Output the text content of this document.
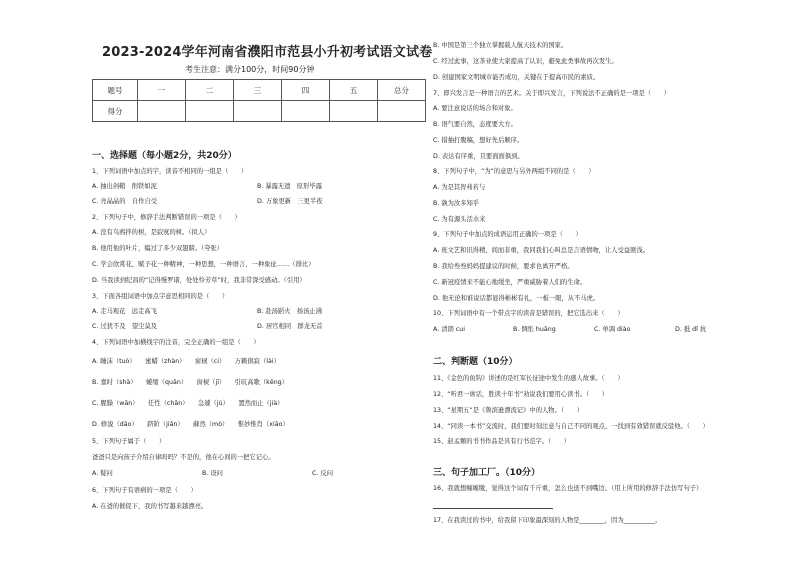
2023-2024学年河南省濮阳市范县小升初考试语文试卷
考生注意：满分100分，时间90分钟
题号	一	二	三	四	五	总分
得分						
一、选择题（每小题2分，共20分）
1、下列词语中加点的字，读音不相同的一组是（　　）
A. 抽出剑鞘　削铁如泥	B. 暴露无遗　原形毕露
C. 亮晶晶的　自作自受	D. 万象更新　三更半夜
2、下列句子中，修辞手法判断错误的一项是（　　）
A. 没有乌鸦拌的树，是寂寞的树。（拟人）
B. 他用他的叶片，编过了多少双翅膀。（夸张）
C. 学会欣赏花，赋予花一种精神，一种思想，一种语言，一种象征……（排比）
D. 当我读到纪昌的“记得慢罗诸，处处怜芳草”时，我非常深受感动。（引用）
3、下面各组词语中加点字意思相同的是（　　）
A. 走马观花　远走高飞	B. 赴汤蹈火　扬汤止沸
C. 过犹不及　望尘莫及	D. 居官相同　群龙无首
4、下列词语中加横线字的注音，完全正确的一组是（　　）
A. 睡沫（tuò）　　蜜蜡（zhàn）　　窗棂（ci）　　万籁俱寂（lài）
B. 嘉时（shà）　　蜷缩（quān）　　窗棂（jī）　　引吭高歌（kēng）
C. 腥臊（wān）　　任性（chān）　　急遽（jù）　　置然而止（jià）
D. 修浚（dāo）　　跻阶（jiǎn）　　蘇然（mò）　　惟妙惟肖（xiāo）
5、下列句子属于（　　）
爸爸只是向孩子介绍自律吗吗？不是的，他在心间的一把它记心。
A. 疑问	B. 设问	C. 反问
6、下列句子有语病的一项是（　　）
A. 在爸的催促下，我的书写越来越漂亮。
B. 中国是第三个独立掌握载人航天技术的国家。
C. 经过此事，这茶业使大家提高了认识，避免此类事故再次发生。
D. 创建国家文明城市能否成功，关键在于提高市民的素质。
7、即兴发言是一种语言的艺术。关于即兴发言，下列说法不正确的是一项是（　　）
A. 要注意说话的场合和对象。
B. 语气要自然，态度要大方。
C. 措抽打腹稿，想好先后顺序。
D. 表达有序重，且要面面俱到。
8、下列句子中，“为”的意思与另外两组不同的是（　　）
A. 为是其智弗若与
B. 孰为汝多知乎
C. 为有源头活水来
9、下列句子中加点的成语运用正确的一项是（　　）
A. 班文艺和讯得精，间而非重，我同我们心叫总是言语情吻，让人受益匪浅。
B. 我给叁叁妈妈提建议的时候，要求也离开严格。
C. 新冠疫情来不能心地缓坐，严重威胁着人们的生命。
D. 他无论和谁说话都显得彬彬有礼，一板一眼，从不马虎。
10、下列词语中有一个带点字的读音是错误的，把它选出来（　　）
A. 清朗 cui	B. 惆怅 huāng	C. 单调 diào	D. 抵 dǐ 抗
二、判断题（10分）
11、《金色的鱼钩》讲述的是红军长征途中发生的感人故事。（　　）
12、“听君一席话，胜读十年书”劝说我们要用心读书。（　　）
13、“星期五”是《鲁滨逊漂流记》中的人物。（　　）
14、“同读一本书”交流时，我们要时刻注意与自己不同的观点，一找到有效错误就反驳他。（　　）
15、赵孟頫的书书作品是具有行书范字。（　　）
三、句子加工厂。（10分）
16、我就想缠缠缴，觉得这个词有千斤重，怎么也送不到嘴边。（用上所用的修辞手法仿写句子）
17、在我读过的书中，给我留下印象最深刻的人物是________，因为__________。
